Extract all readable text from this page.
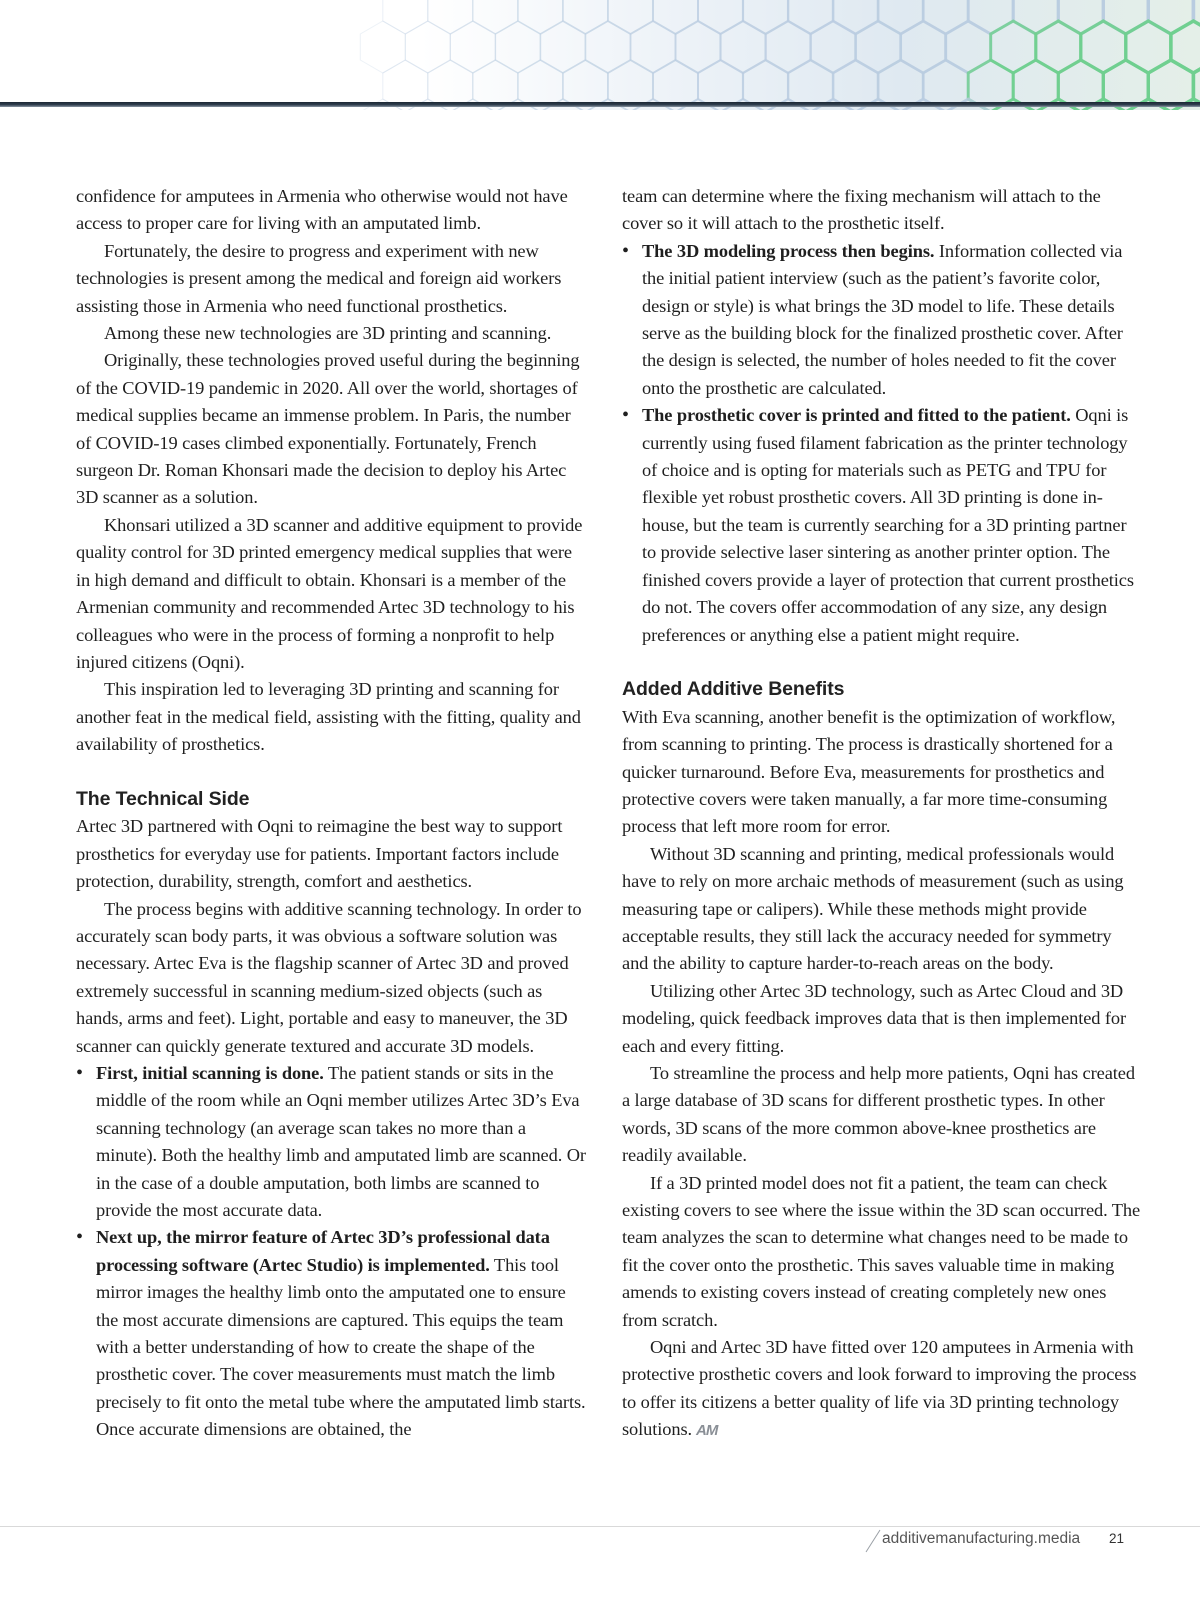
confidence for amputees in Armenia who otherwise would not have access to proper care for living with an amputated limb.

Fortunately, the desire to progress and experiment with new technologies is present among the medical and foreign aid workers assisting those in Armenia who need functional prosthetics.

Among these new technologies are 3D printing and scanning.

Originally, these technologies proved useful during the beginning of the COVID-19 pandemic in 2020. All over the world, shortages of medical supplies became an immense problem. In Paris, the number of COVID-19 cases climbed exponentially. Fortunately, French surgeon Dr. Roman Khonsari made the decision to deploy his Artec 3D scanner as a solution.

Khonsari utilized a 3D scanner and additive equipment to provide quality control for 3D printed emergency medical supplies that were in high demand and difficult to obtain. Khonsari is a member of the Armenian community and recommended Artec 3D technology to his colleagues who were in the process of forming a nonprofit to help injured citizens (Oqni).

This inspiration led to leveraging 3D printing and scanning for another feat in the medical field, assisting with the fitting, quality and availability of prosthetics.

The Technical Side

Artec 3D partnered with Oqni to reimagine the best way to support prosthetics for everyday use for patients. Important factors include protection, durability, strength, comfort and aesthetics.

The process begins with additive scanning technology. In order to accurately scan body parts, it was obvious a software solution was necessary. Artec Eva is the flagship scanner of Artec 3D and proved extremely successful in scanning medium-sized objects (such as hands, arms and feet). Light, portable and easy to maneuver, the 3D scanner can quickly generate textured and accurate 3D models.

• First, initial scanning is done. The patient stands or sits in the middle of the room while an Oqni member utilizes Artec 3D’s Eva scanning technology (an average scan takes no more than a minute). Both the healthy limb and amputated limb are scanned. Or in the case of a double amputation, both limbs are scanned to provide the most accurate data.
• Next up, the mirror feature of Artec 3D’s professional data processing software (Artec Studio) is implemented. This tool mirror images the healthy limb onto the amputated one to ensure the most accurate dimensions are captured. This equips the team with a better understanding of how to create the shape of the prosthetic cover. The cover measurements must match the limb precisely to fit onto the metal tube where the amputated limb starts. Once accurate dimensions are obtained, the

team can determine where the fixing mechanism will attach to the cover so it will attach to the prosthetic itself.

• The 3D modeling process then begins. Information collected via the initial patient interview (such as the patient’s favorite color, design or style) is what brings the 3D model to life. These details serve as the building block for the finalized prosthetic cover. After the design is selected, the number of holes needed to fit the cover onto the prosthetic are calculated.
• The prosthetic cover is printed and fitted to the patient. Oqni is currently using fused filament fabrication as the printer technology of choice and is opting for materials such as PETG and TPU for flexible yet robust prosthetic covers. All 3D printing is done in-house, but the team is currently searching for a 3D printing partner to provide selective laser sintering as another printer option. The finished covers provide a layer of protection that current prosthetics do not. The covers offer accommodation of any size, any design preferences or anything else a patient might require.
Added Additive Benefits

With Eva scanning, another benefit is the optimization of workflow, from scanning to printing. The process is drastically shortened for a quicker turnaround. Before Eva, measurements for prosthetics and protective covers were taken manually, a far more time-consuming process that left more room for error.

Without 3D scanning and printing, medical professionals would have to rely on more archaic methods of measurement (such as using measuring tape or calipers). While these methods might provide acceptable results, they still lack the accuracy needed for symmetry and the ability to capture harder-to-reach areas on the body.

Utilizing other Artec 3D technology, such as Artec Cloud and 3D modeling, quick feedback improves data that is then implemented for each and every fitting.

To streamline the process and help more patients, Oqni has created a large database of 3D scans for different prosthetic types. In other words, 3D scans of the more common above-knee prosthetics are readily available.

If a 3D printed model does not fit a patient, the team can check existing covers to see where the issue within the 3D scan occurred. The team analyzes the scan to determine what changes need to be made to fit the cover onto the prosthetic. This saves valuable time in making amends to existing covers instead of creating completely new ones from scratch.

Oqni and Artec 3D have fitted over 120 amputees in Armenia with protective prosthetic covers and look forward to improving the process to offer its citizens a better quality of life via 3D printing technology solutions. AM

additivemanufacturing.media 21
